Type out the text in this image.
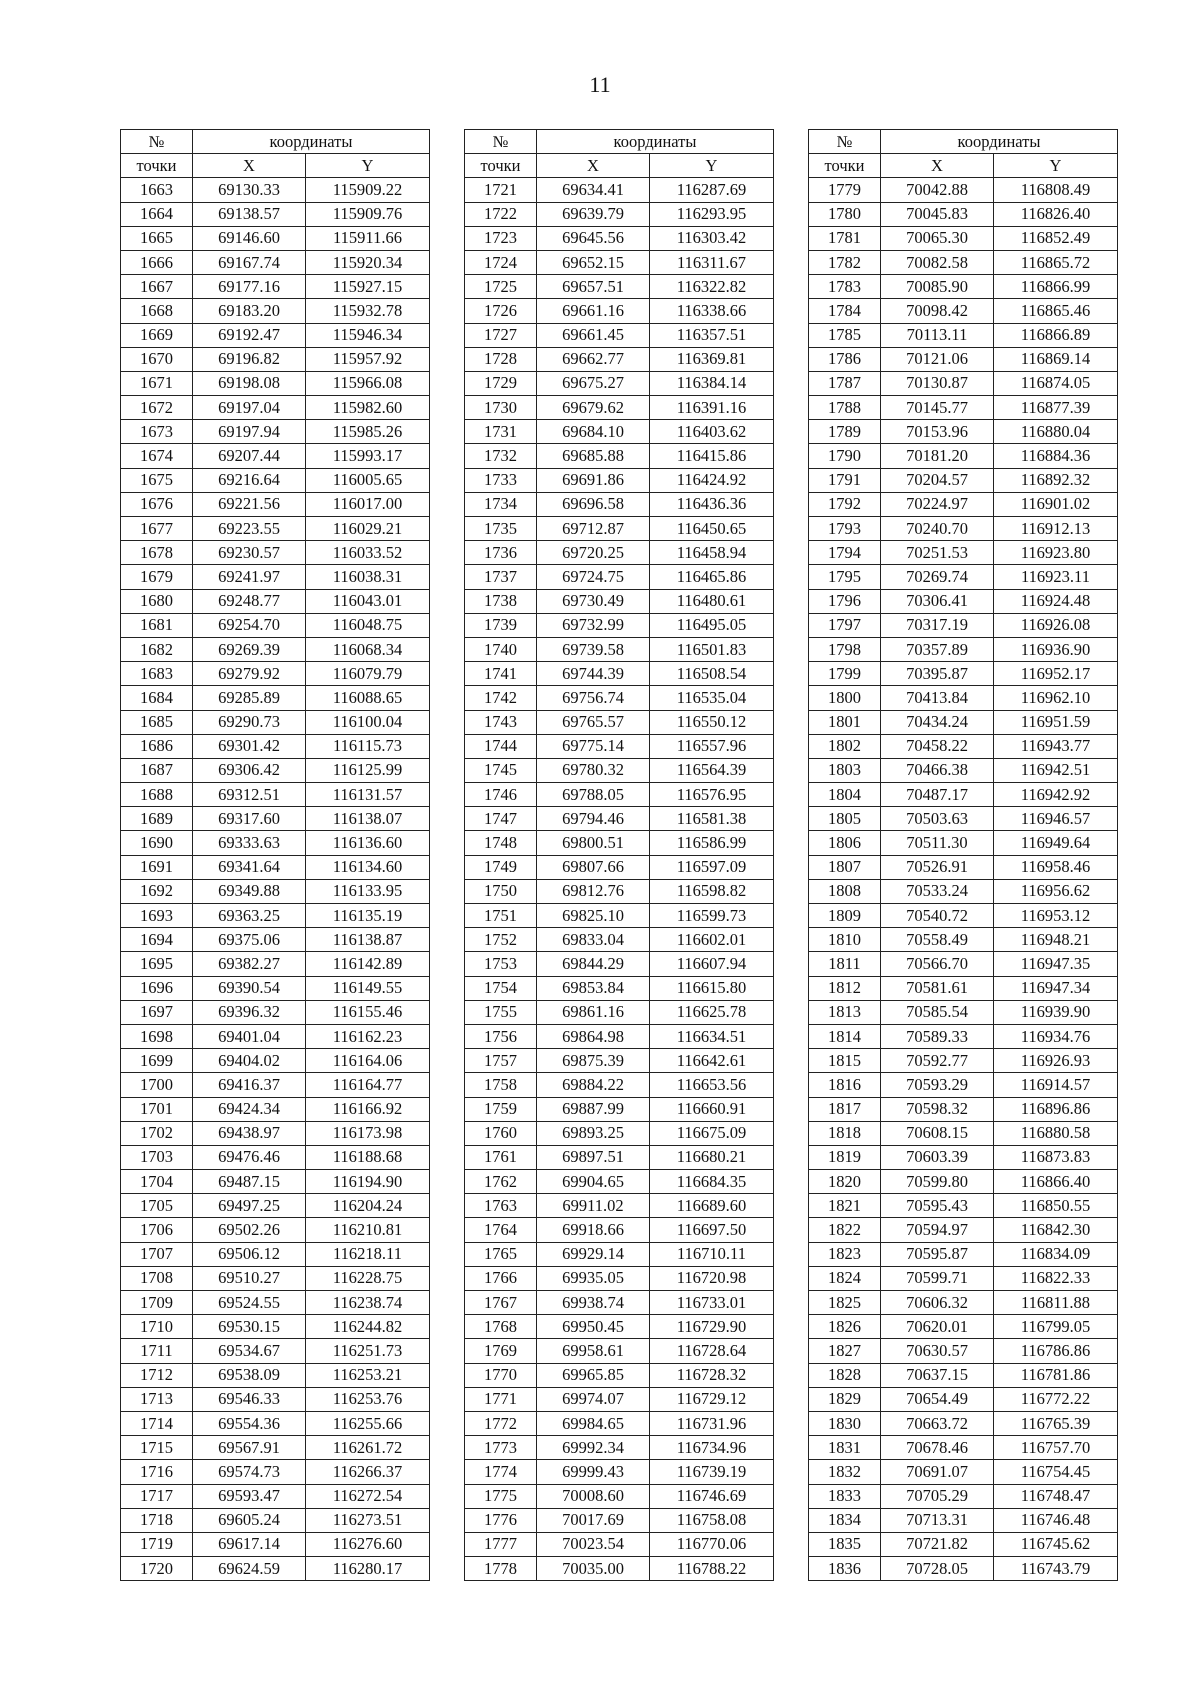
11
№	координаты	
точки	X	Y
1663	69130.33	115909.22
1664	69138.57	115909.76
1665	69146.60	115911.66
1666	69167.74	115920.34
1667	69177.16	115927.15
1668	69183.20	115932.78
1669	69192.47	115946.34
1670	69196.82	115957.92
1671	69198.08	115966.08
1672	69197.04	115982.60
1673	69197.94	115985.26
1674	69207.44	115993.17
1675	69216.64	116005.65
1676	69221.56	116017.00
1677	69223.55	116029.21
1678	69230.57	116033.52
1679	69241.97	116038.31
1680	69248.77	116043.01
1681	69254.70	116048.75
1682	69269.39	116068.34
1683	69279.92	116079.79
1684	69285.89	116088.65
1685	69290.73	116100.04
1686	69301.42	116115.73
1687	69306.42	116125.99
1688	69312.51	116131.57
1689	69317.60	116138.07
1690	69333.63	116136.60
1691	69341.64	116134.60
1692	69349.88	116133.95
1693	69363.25	116135.19
1694	69375.06	116138.87
1695	69382.27	116142.89
1696	69390.54	116149.55
1697	69396.32	116155.46
1698	69401.04	116162.23
1699	69404.02	116164.06
1700	69416.37	116164.77
1701	69424.34	116166.92
1702	69438.97	116173.98
1703	69476.46	116188.68
1704	69487.15	116194.90
1705	69497.25	116204.24
1706	69502.26	116210.81
1707	69506.12	116218.11
1708	69510.27	116228.75
1709	69524.55	116238.74
1710	69530.15	116244.82
1711	69534.67	116251.73
1712	69538.09	116253.21
1713	69546.33	116253.76
1714	69554.36	116255.66
1715	69567.91	116261.72
1716	69574.73	116266.37
1717	69593.47	116272.54
1718	69605.24	116273.51
1719	69617.14	116276.60
1720	69624.59	116280.17
№	координаты	
точки	X	Y
1721	69634.41	116287.69
1722	69639.79	116293.95
1723	69645.56	116303.42
1724	69652.15	116311.67
1725	69657.51	116322.82
1726	69661.16	116338.66
1727	69661.45	116357.51
1728	69662.77	116369.81
1729	69675.27	116384.14
1730	69679.62	116391.16
1731	69684.10	116403.62
1732	69685.88	116415.86
1733	69691.86	116424.92
1734	69696.58	116436.36
1735	69712.87	116450.65
1736	69720.25	116458.94
1737	69724.75	116465.86
1738	69730.49	116480.61
1739	69732.99	116495.05
1740	69739.58	116501.83
1741	69744.39	116508.54
1742	69756.74	116535.04
1743	69765.57	116550.12
1744	69775.14	116557.96
1745	69780.32	116564.39
1746	69788.05	116576.95
1747	69794.46	116581.38
1748	69800.51	116586.99
1749	69807.66	116597.09
1750	69812.76	116598.82
1751	69825.10	116599.73
1752	69833.04	116602.01
1753	69844.29	116607.94
1754	69853.84	116615.80
1755	69861.16	116625.78
1756	69864.98	116634.51
1757	69875.39	116642.61
1758	69884.22	116653.56
1759	69887.99	116660.91
1760	69893.25	116675.09
1761	69897.51	116680.21
1762	69904.65	116684.35
1763	69911.02	116689.60
1764	69918.66	116697.50
1765	69929.14	116710.11
1766	69935.05	116720.98
1767	69938.74	116733.01
1768	69950.45	116729.90
1769	69958.61	116728.64
1770	69965.85	116728.32
1771	69974.07	116729.12
1772	69984.65	116731.96
1773	69992.34	116734.96
1774	69999.43	116739.19
1775	70008.60	116746.69
1776	70017.69	116758.08
1777	70023.54	116770.06
1778	70035.00	116788.22
№	координаты	
точки	X	Y
1779	70042.88	116808.49
1780	70045.83	116826.40
1781	70065.30	116852.49
1782	70082.58	116865.72
1783	70085.90	116866.99
1784	70098.42	116865.46
1785	70113.11	116866.89
1786	70121.06	116869.14
1787	70130.87	116874.05
1788	70145.77	116877.39
1789	70153.96	116880.04
1790	70181.20	116884.36
1791	70204.57	116892.32
1792	70224.97	116901.02
1793	70240.70	116912.13
1794	70251.53	116923.80
1795	70269.74	116923.11
1796	70306.41	116924.48
1797	70317.19	116926.08
1798	70357.89	116936.90
1799	70395.87	116952.17
1800	70413.84	116962.10
1801	70434.24	116951.59
1802	70458.22	116943.77
1803	70466.38	116942.51
1804	70487.17	116942.92
1805	70503.63	116946.57
1806	70511.30	116949.64
1807	70526.91	116958.46
1808	70533.24	116956.62
1809	70540.72	116953.12
1810	70558.49	116948.21
1811	70566.70	116947.35
1812	70581.61	116947.34
1813	70585.54	116939.90
1814	70589.33	116934.76
1815	70592.77	116926.93
1816	70593.29	116914.57
1817	70598.32	116896.86
1818	70608.15	116880.58
1819	70603.39	116873.83
1820	70599.80	116866.40
1821	70595.43	116850.55
1822	70594.97	116842.30
1823	70595.87	116834.09
1824	70599.71	116822.33
1825	70606.32	116811.88
1826	70620.01	116799.05
1827	70630.57	116786.86
1828	70637.15	116781.86
1829	70654.49	116772.22
1830	70663.72	116765.39
1831	70678.46	116757.70
1832	70691.07	116754.45
1833	70705.29	116748.47
1834	70713.31	116746.48
1835	70721.82	116745.62
1836	70728.05	116743.79
